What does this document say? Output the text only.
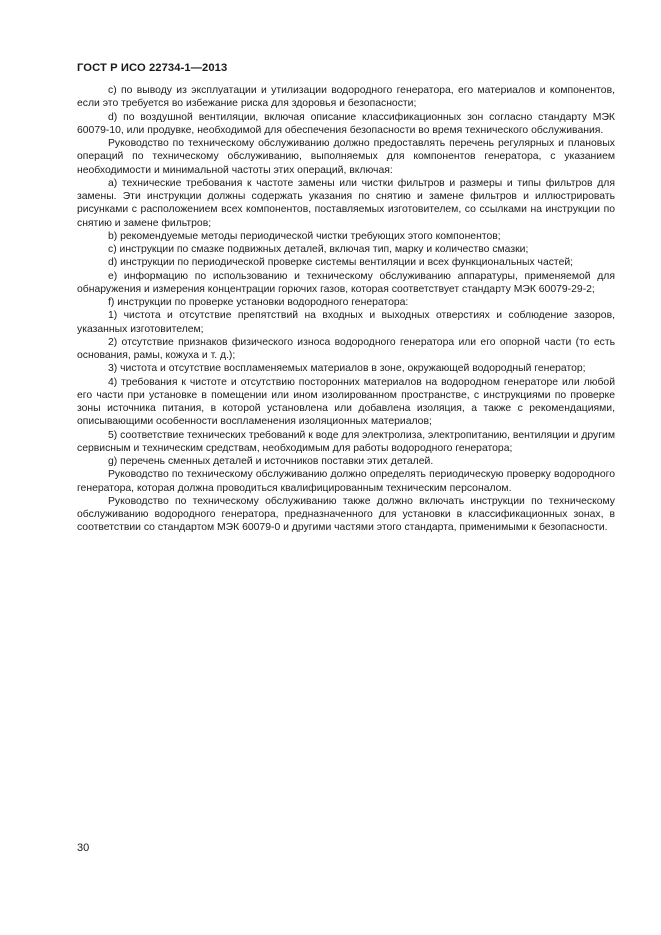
ГОСТ Р ИСО 22734-1—2013

c) по выводу из эксплуатации и утилизации водородного генератора, его материалов и компонентов, если это требуется во избежание риска для здоровья и безопасности;

d) по воздушной вентиляции, включая описание классификационных зон согласно стандарту МЭК 60079-10, или продувке, необходимой для обеспечения безопасности во время технического обслуживания.

Руководство по техническому обслуживанию должно предоставлять перечень регулярных и плановых операций по техническому обслуживанию, выполняемых для компонентов генератора, с указанием необходимости и минимальной частоты этих операций, включая:

a) технические требования к частоте замены или чистки фильтров и размеры и типы фильтров для замены. Эти инструкции должны содержать указания по снятию и замене фильтров и иллюстрировать рисунками с расположением всех компонентов, поставляемых изготовителем, со ссылками на инструкции по снятию и замене фильтров;

b) рекомендуемые методы периодической чистки требующих этого компонентов;

c) инструкции по смазке подвижных деталей, включая тип, марку и количество смазки;

d) инструкции по периодической проверке системы вентиляции и всех функциональных частей;

e) информацию по использованию и техническому обслуживанию аппаратуры, применяемой для обнаружения и измерения концентрации горючих газов, которая соответствует стандарту МЭК 60079-29-2;

f) инструкции по проверке установки водородного генератора:

1) чистота и отсутствие препятствий на входных и выходных отверстиях и соблюдение зазоров, указанных изготовителем;

2) отсутствие признаков физического износа водородного генератора или его опорной части (то есть основания, рамы, кожуха и т. д.);

3) чистота и отсутствие воспламеняемых материалов в зоне, окружающей водородный генератор;

4) требования к чистоте и отсутствию посторонних материалов на водородном генераторе или любой его части при установке в помещении или ином изолированном пространстве, с инструкциями по проверке зоны источника питания, в которой установлена или добавлена изоляция, а также с рекомендациями, описывающими особенности воспламенения изоляционных материалов;

5) соответствие технических требований к воде для электролиза, электропитанию, вентиляции и другим сервисным и техническим средствам, необходимым для работы водородного генератора;

g) перечень сменных деталей и источников поставки этих деталей.

Руководство по техническому обслуживанию должно определять периодическую проверку водородного генератора, которая должна проводиться квалифицированным техническим персоналом.

Руководство по техническому обслуживанию также должно включать инструкции по техническому обслуживанию водородного генератора, предназначенного для установки в классификационных зонах, в соответствии со стандартом МЭК 60079-0 и другими частями этого стандарта, применимыми к безопасности.

30
